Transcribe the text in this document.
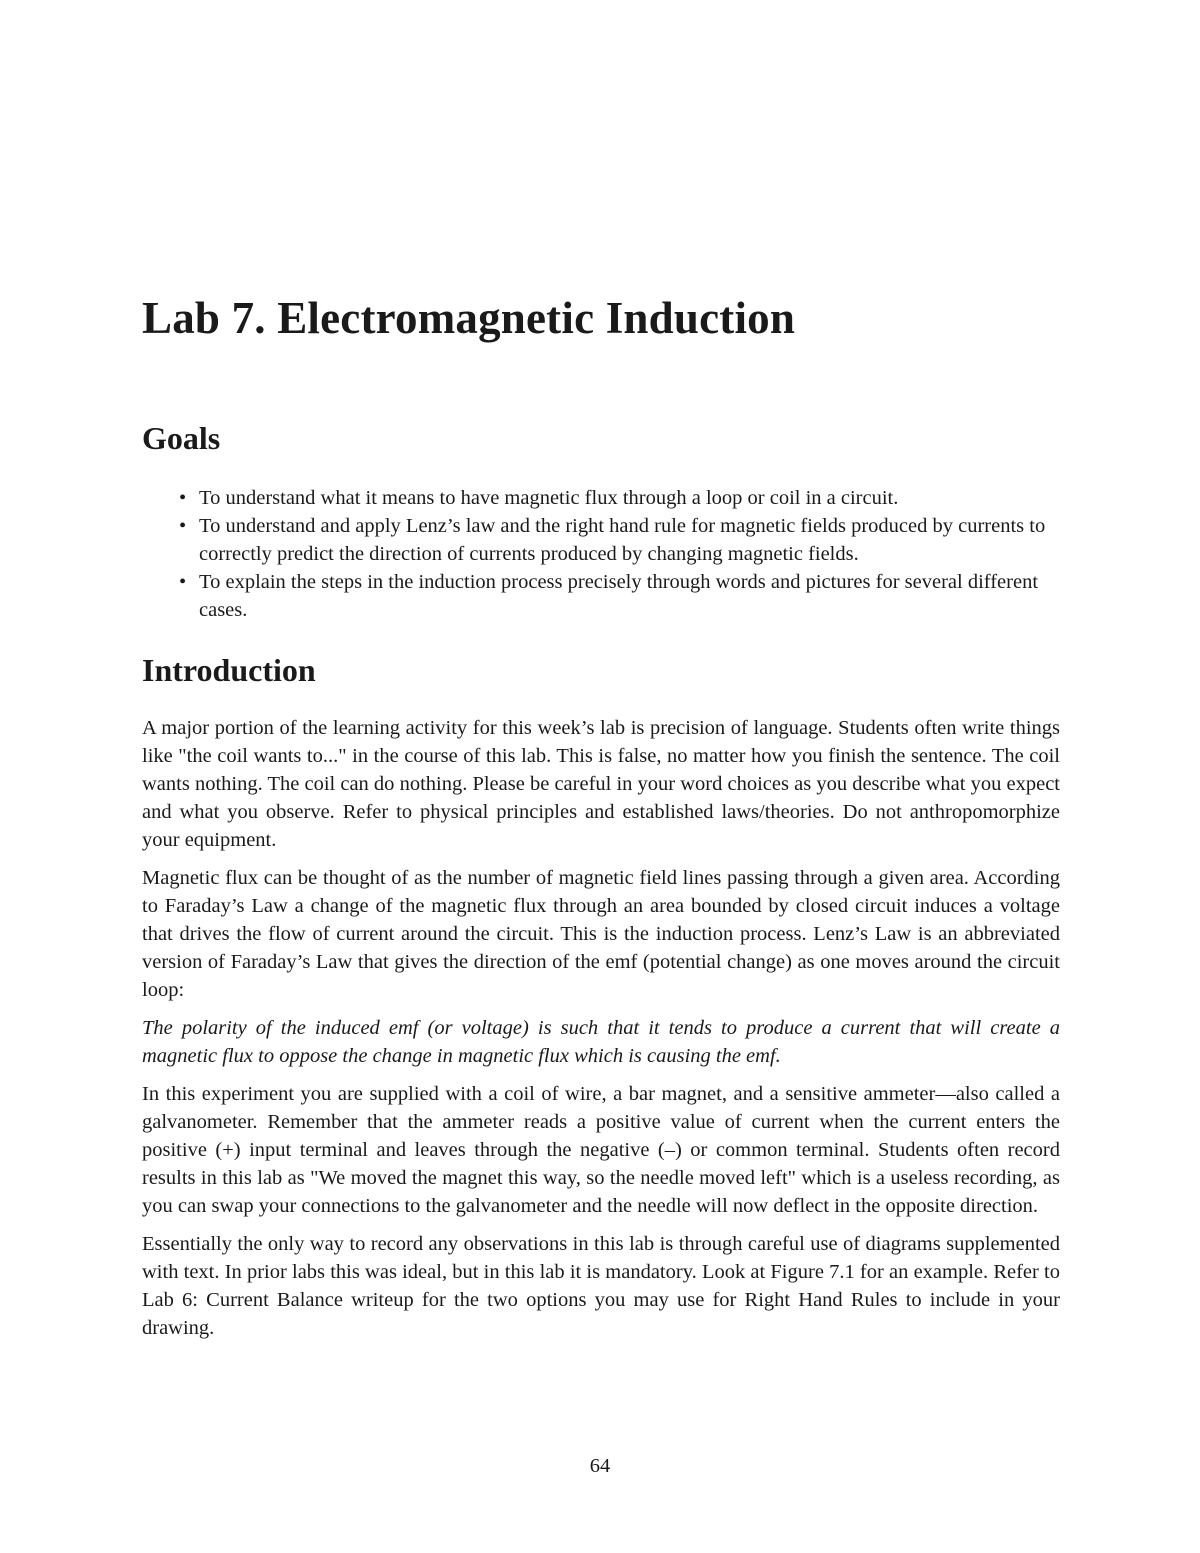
Lab 7. Electromagnetic Induction
Goals
• To understand what it means to have magnetic flux through a loop or coil in a circuit.
• To understand and apply Lenz’s law and the right hand rule for magnetic fields produced by currents to correctly predict the direction of currents produced by changing magnetic fields.
• To explain the steps in the induction process precisely through words and pictures for several different cases.
Introduction

A major portion of the learning activity for this week’s lab is precision of language. Students often write things like "the coil wants to..." in the course of this lab. This is false, no matter how you finish the sentence. The coil wants nothing. The coil can do nothing. Please be careful in your word choices as you describe what you expect and what you observe. Refer to physical principles and established laws/theories. Do not anthropomorphize your equipment.

Magnetic flux can be thought of as the number of magnetic field lines passing through a given area. According to Faraday’s Law a change of the magnetic flux through an area bounded by closed circuit induces a voltage that drives the flow of current around the circuit. This is the induction process. Lenz’s Law is an abbreviated version of Faraday’s Law that gives the direction of the emf (potential change) as one moves around the circuit loop:

The polarity of the induced emf (or voltage) is such that it tends to produce a current that will create a magnetic flux to oppose the change in magnetic flux which is causing the emf.

In this experiment you are supplied with a coil of wire, a bar magnet, and a sensitive ammeter—also called a galvanometer. Remember that the ammeter reads a positive value of current when the current enters the positive (+) input terminal and leaves through the negative (–) or common terminal. Students often record results in this lab as "We moved the magnet this way, so the needle moved left" which is a useless recording, as you can swap your connections to the galvanometer and the needle will now deflect in the opposite direction.

Essentially the only way to record any observations in this lab is through careful use of diagrams supplemented with text. In prior labs this was ideal, but in this lab it is mandatory. Look at Figure 7.1 for an example. Refer to Lab 6: Current Balance writeup for the two options you may use for Right Hand Rules to include in your drawing.

64
